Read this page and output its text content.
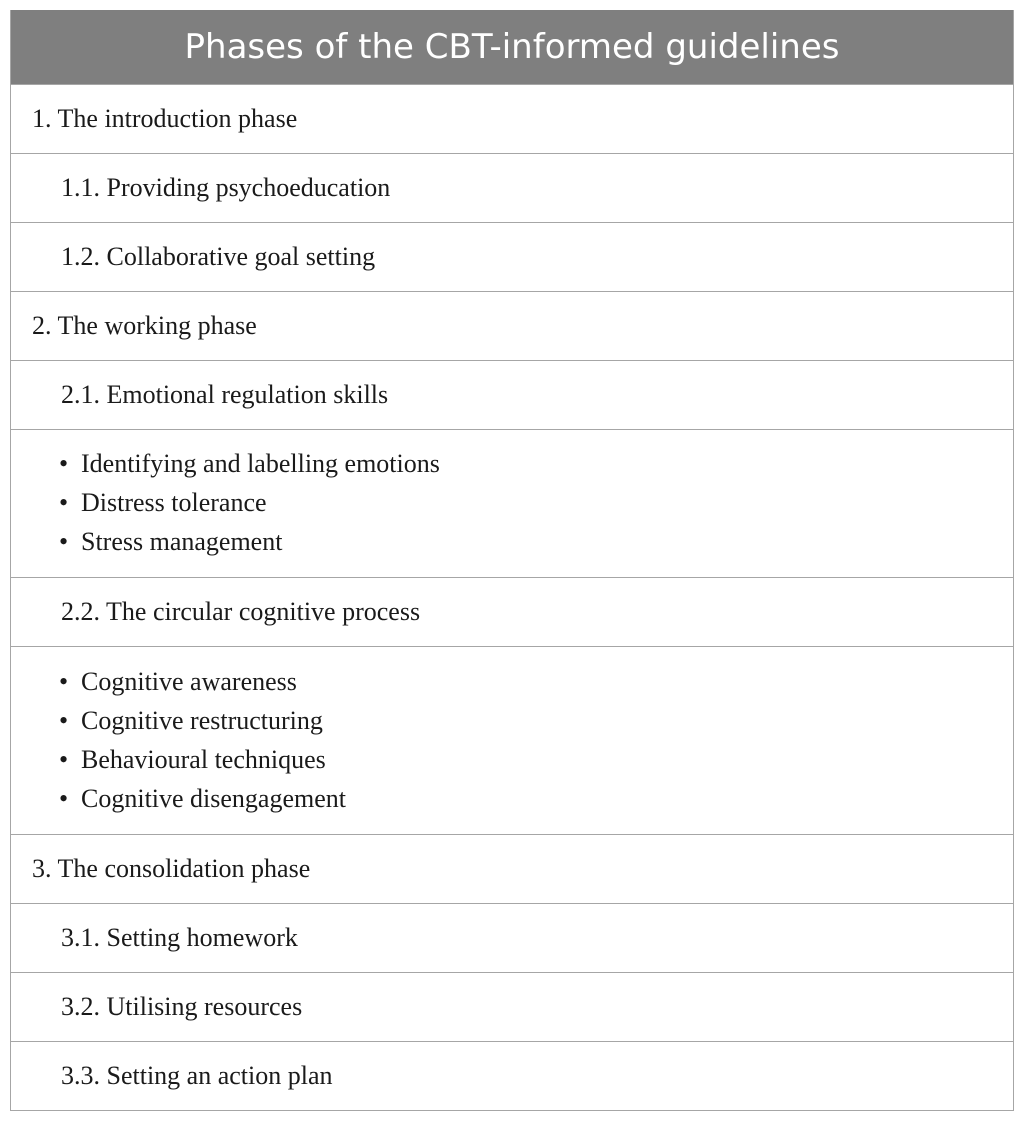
Phases of the CBT-informed guidelines
1. The introduction phase
1.1. Providing psychoeducation
1.2. Collaborative goal setting
2. The working phase
2.1. Emotional regulation skills
• Identifying and labelling emotions
• Distress tolerance
• Stress management
2.2. The circular cognitive process
• Cognitive awareness
• Cognitive restructuring
• Behavioural techniques
• Cognitive disengagement
3. The consolidation phase
3.1. Setting homework
3.2. Utilising resources
3.3. Setting an action plan
